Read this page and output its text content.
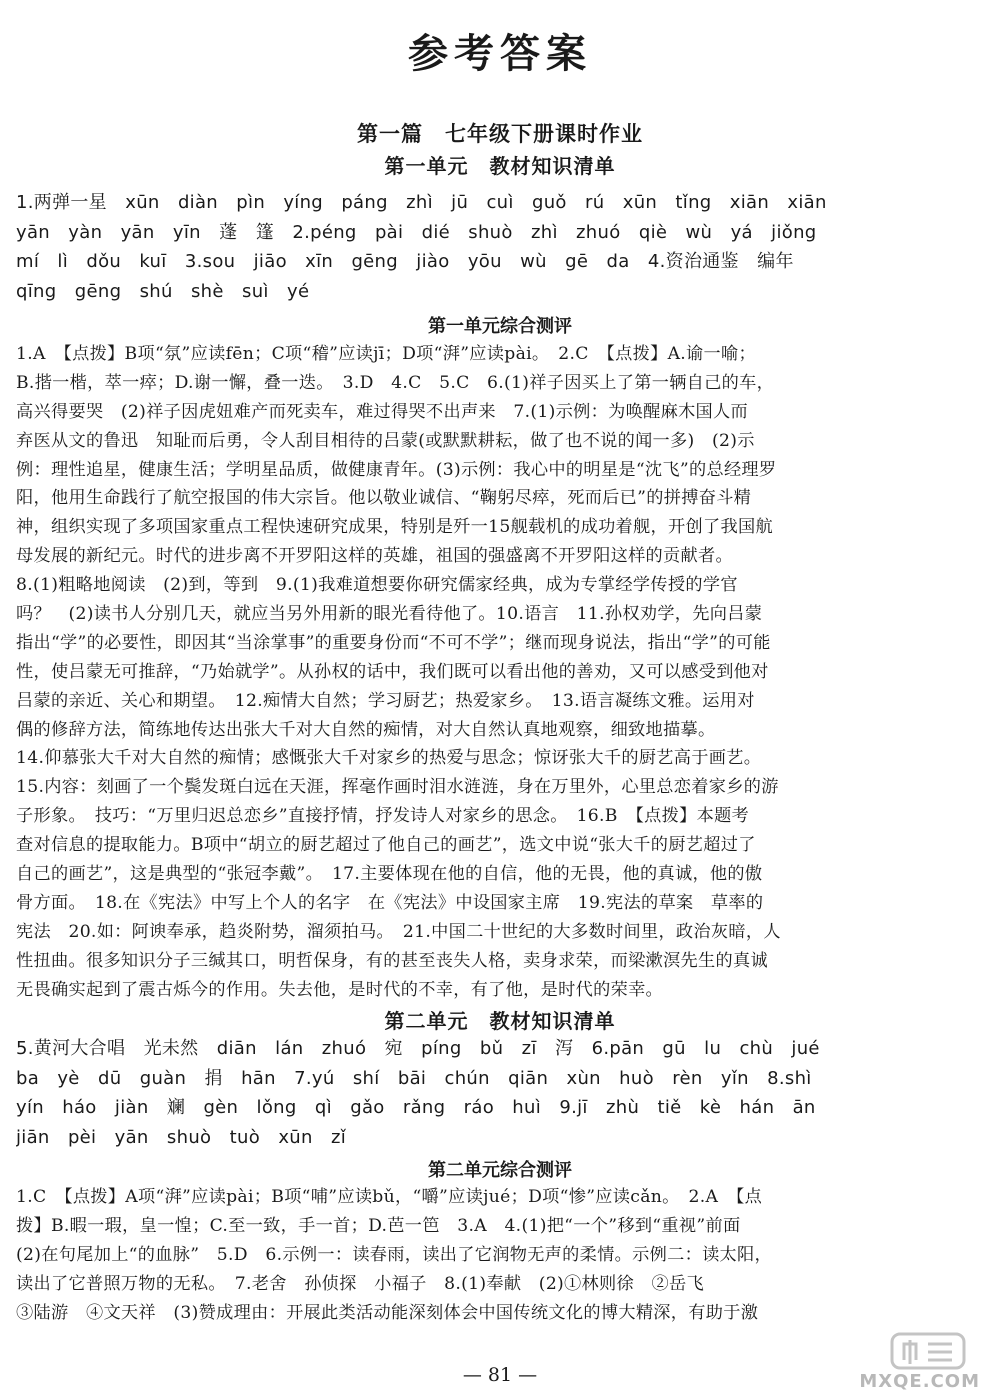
参考答案
第一篇　七年级下册课时作业
第一单元　教材知识清单
1.两弹一星　xūn　diàn　pìn　yíng　páng　zhì　jū　cuì　guǒ　rú　xūn　tǐng　xiān　xiān
yān　yàn　yān　yīn　蓬　篷　2.péng　pài　dié　shuò　zhì　zhuó　qiè　wù　yá　jiǒng
mí　lì　dǒu　kuī　3.sou　jiāo　xīn　gēng　jiào　yōu　wù　gē　da　4.资治通鉴　编年
qīng　gēng　shú　shè　suì　yé
第一单元综合测评
1.A　【点拨】B项“氛”应读fēn；C项“稽”应读jī；D项“湃”应读pài。　2.C　【点拨】A.谕一喻；
B.揩一楷，萃一瘁；D.谢一懈，叠一迭。　3.D　4.C　5.C　6.(1)祥子因买上了第一辆自己的车，
高兴得要哭　(2)祥子因虎妞难产而死卖车，难过得哭不出声来　7.(1)示例：为唤醒麻木国人而
弃医从文的鲁迅　知耻而后勇，令人刮目相待的吕蒙(或默默耕耘，做了也不说的闻一多)　(2)示
例：理性追星，健康生活；学明星品质，做健康青年。(3)示例：我心中的明星是“沈飞”的总经理罗
阳，他用生命践行了航空报国的伟大宗旨。他以敬业诚信、“鞠躬尽瘁，死而后已”的拼搏奋斗精
神，组织实现了多项国家重点工程快速研究成果，特别是歼一15舰载机的成功着舰，开创了我国航
母发展的新纪元。时代的进步离不开罗阳这样的英雄，祖国的强盛离不开罗阳这样的贡献者。
8.(1)粗略地阅读　(2)到，等到　9.(1)我难道想要你研究儒家经典，成为专掌经学传授的学官
吗？　(2)读书人分别几天，就应当另外用新的眼光看待他了。10.语言　11.孙权劝学，先向吕蒙
指出“学”的必要性，即因其“当涂掌事”的重要身份而“不可不学”；继而现身说法，指出“学”的可能
性，使吕蒙无可推辞，“乃始就学”。从孙权的话中，我们既可以看出他的善劝，又可以感受到他对
吕蒙的亲近、关心和期望。　12.痴情大自然；学习厨艺；热爱家乡。　13.语言凝练文雅。运用对
偶的修辞方法，简练地传达出张大千对大自然的痴情，对大自然认真地观察，细致地描摹。
14.仰慕张大千对大自然的痴情；感慨张大千对家乡的热爱与思念；惊讶张大千的厨艺高于画艺。
15.内容：刻画了一个鬓发斑白远在天涯，挥毫作画时泪水涟涟，身在万里外，心里总恋着家乡的游
子形象。　技巧：“万里归迟总恋乡”直接抒情，抒发诗人对家乡的思念。　16.B　【点拨】本题考
查对信息的提取能力。B项中“胡立的厨艺超过了他自己的画艺”，选文中说“张大千的厨艺超过了
自己的画艺”，这是典型的“张冠李戴”。　17.主要体现在他的自信，他的无畏，他的真诚，他的傲
骨方面。　18.在《宪法》中写上个人的名字　在《宪法》中设国家主席　19.宪法的草案　草率的
宪法　20.如：阿谀奉承，趋炎附势，溜须拍马。　21.中国二十世纪的大多数时间里，政治灰暗，人
性扭曲。很多知识分子三缄其口，明哲保身，有的甚至丧失人格，卖身求荣，而梁漱溟先生的真诚
无畏确实起到了震古烁今的作用。失去他，是时代的不幸，有了他，是时代的荣幸。
第二单元　教材知识清单
5.黄河大合唱　光未然　diān　lán　zhuó　宛　píng　bǔ　zī　泻　6.pān　gū　lu　chù　jué
ba　yè　dū　guàn　捐　hān　7.yú　shí　bāi　chún　qiān　xùn　huò　rèn　yǐn　8.shì
yín　háo　jiàn　斓　gèn　lǒng　qì　gǎo　rǎng　ráo　huì　9.jī　zhù　tiě　kè　hán　ān
jiān　pèi　yān　shuò　tuò　xūn　zǐ
第二单元综合测评
1.C　【点拨】A项“湃”应读pài；B项“哺”应读bǔ，“嚼”应读jué；D项“惨”应读cǎn。　2.A　【点
拨】B.暇一瑕，皇一惶；C.至一致，手一首；D.芭一笆　3.A　4.(1)把“一个”移到“重视”前面
(2)在句尾加上“的血脉”　5.D　6.示例一：读春雨，读出了它润物无声的柔情。示例二：读太阳，
读出了它普照万物的无私。　7.老舍　孙侦探　小福子　8.(1)奉献　(2)①林则徐　②岳飞
③陆游　④文天祥　(3)赞成理由：开展此类活动能深刻体会中国传统文化的博大精深，有助于激
— 81 —	MXQE.COM
